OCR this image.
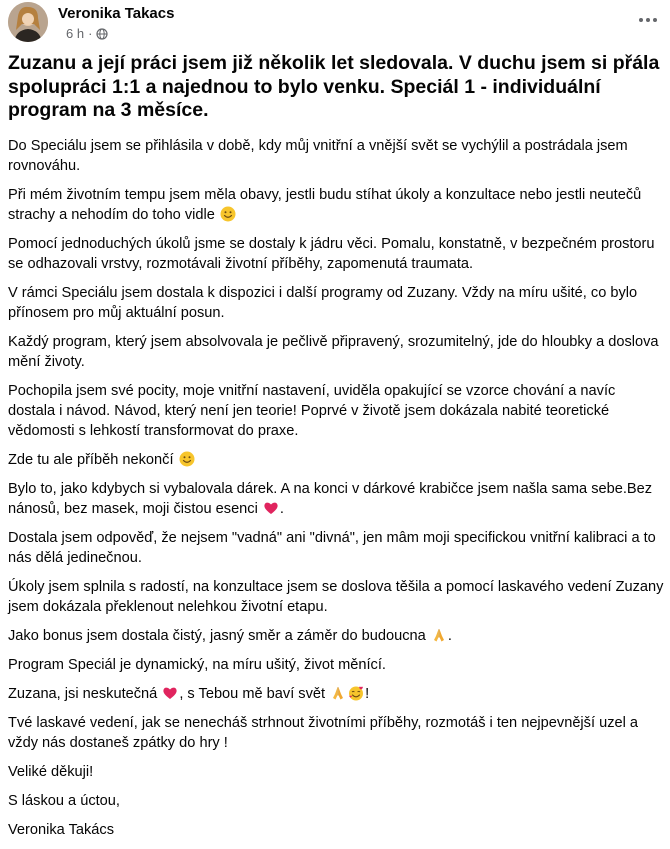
Veronika Takacs
6 h ·
Zuzanu a její práci jsem již několik let sledovala. V duchu jsem si přála spolupráci 1:1 a najednou to bylo venku. Speciál 1 - individuální program na 3 měsíce.

Do Speciálu jsem se přihlásila v době, kdy můj vnitřní a vnější svět se vychýlil a postrádala jsem rovnováhu.

Při mém životním tempu jsem měla obavy, jestli budu stíhat úkoly a konzultace nebo jestli neutečů strachy a nehodím do toho vidle

Pomocí jednoduchých úkolů jsme se dostaly k jádru věci. Pomalu, konstatně, v bezpečném prostoru se odhazovali vrstvy, rozmotávali životní příběhy, zapomenutá traumata.

V rámci Speciálu jsem dostala k dispozici i další programy od Zuzany. Vždy na míru ušité, co bylo přínosem pro můj aktuální posun.

Každý program, který jsem absolvovala je pečlivě připravený, srozumitelný, jde do hloubky a doslova mění životy.

Pochopila jsem své pocity, moje vnitřní nastavení, uviděla opakující se vzorce chování a navíc dostala i návod. Návod, který není jen teorie! Poprvé v životě jsem dokázala nabité teoretické vědomosti s lehkostí transformovat do praxe.

Zde tu ale příběh nekončí

Bylo to, jako kdybych si vybalovala dárek. A na konci v dárkové krabičce jsem našla sama sebe.Bez nánosů, bez masek, moji čistou esenci .

Dostala jsem odpověď, že nejsem "vadná" ani "divná", jen mâm moji specifickou vnitřní kalibraci a to nás dělá jedinečnou.

Úkoly jsem splnila s radostí, na konzultace jsem se doslova těšila a pomocí laskavého vedení Zuzany jsem dokázala překlenout nelehkou životní etapu.

Jako bonus jsem dostala čistý, jasný směr a záměr do budoucna .

Program Speciál je dynamický, na míru ušitý, život měnící.

Zuzana, jsi neskutečná , s Tebou mě baví svět !

Tvé laskavé vedení, jak se nenecháš strhnout životními příběhy, rozmotáš i ten nejpevnější uzel a vždy nás dostaneš zpátky do hry !

Veliké děkuji!

S láskou a úctou,

Veronika Takács
